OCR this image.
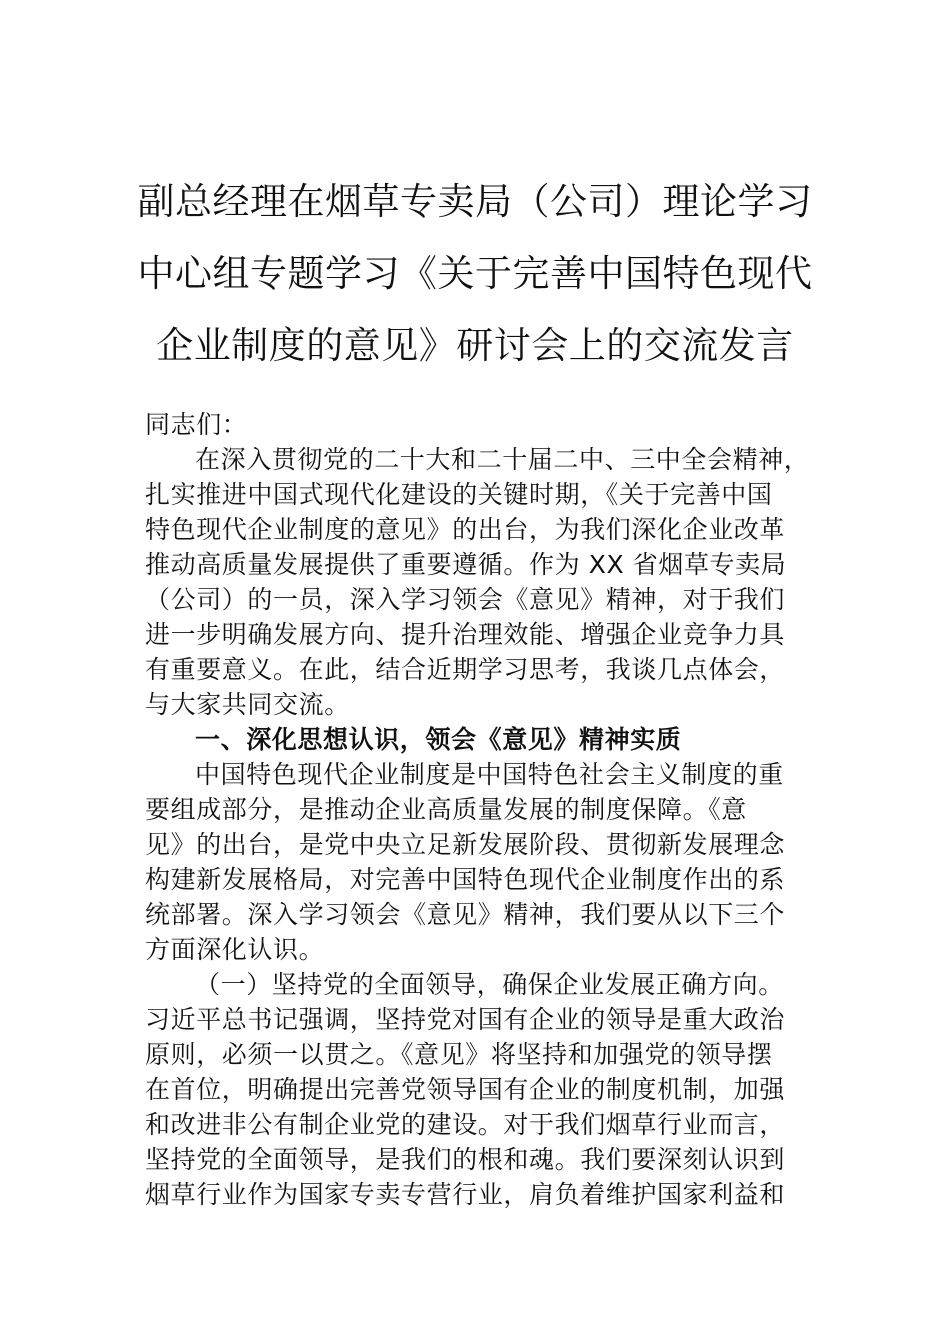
副总经理在烟草专卖局（公司）理论学习
中心组专题学习《关于完善中国特色现代
企业制度的意见》研讨会上的交流发言
同志们：
在深入贯彻党的二十大和二十届二中、三中全会精神，
扎实推进中国式现代化建设的关键时期，《关于完善中国
特色现代企业制度的意见》的出台，为我们深化企业改革
推动高质量发展提供了重要遵循。作为 XX 省烟草专卖局
（公司）的一员，深入学习领会《意见》精神，对于我们
进一步明确发展方向、提升治理效能、增强企业竞争力具
有重要意义。在此，结合近期学习思考，我谈几点体会，
与大家共同交流。
一、深化思想认识，领会《意见》精神实质
中国特色现代企业制度是中国特色社会主义制度的重
要组成部分，是推动企业高质量发展的制度保障。《意
见》的出台，是党中央立足新发展阶段、贯彻新发展理念
构建新发展格局，对完善中国特色现代企业制度作出的系
统部署。深入学习领会《意见》精神，我们要从以下三个
方面深化认识。
（一）坚持党的全面领导，确保企业发展正确方向。
习近平总书记强调，坚持党对国有企业的领导是重大政治
原则，必须一以贯之。《意见》将坚持和加强党的领导摆
在首位，明确提出完善党领导国有企业的制度机制，加强
和改进非公有制企业党的建设。对于我们烟草行业而言，
坚持党的全面领导，是我们的根和魂。我们要深刻认识到
烟草行业作为国家专卖专营行业，肩负着维护国家利益和
